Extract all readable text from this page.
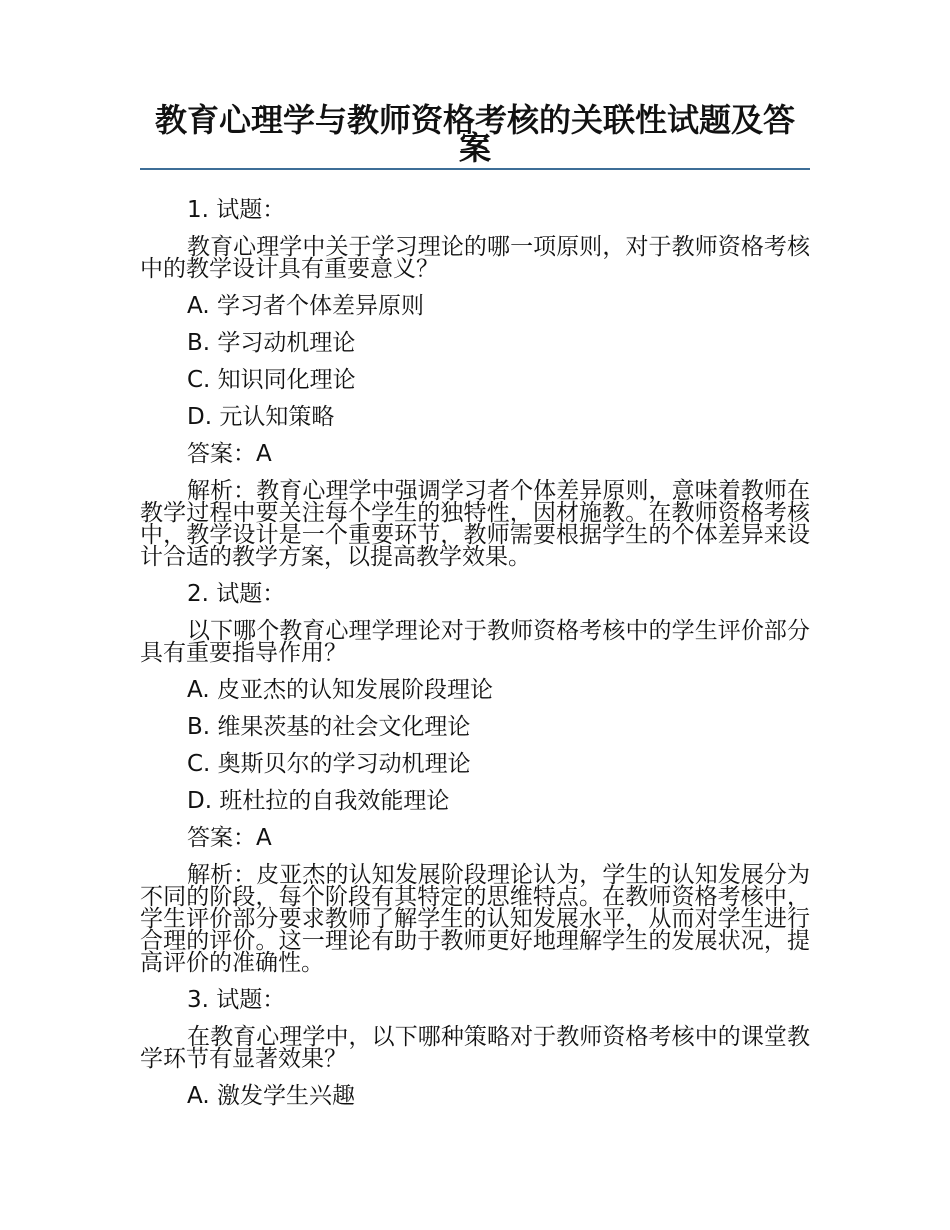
教育心理学与教师资格考核的关联性试题及答案

1. 试题：

教育心理学中关于学习理论的哪一项原则，对于教师资格考核中的教学设计具有重要意义？

A. 学习者个体差异原则

B. 学习动机理论

C. 知识同化理论

D. 元认知策略

答案：A

解析：教育心理学中强调学习者个体差异原则，意味着教师在教学过程中要关注每个学生的独特性，因材施教。在教师资格考核中，教学设计是一个重要环节，教师需要根据学生的个体差异来设计合适的教学方案，以提高教学效果。

2. 试题：

以下哪个教育心理学理论对于教师资格考核中的学生评价部分具有重要指导作用？

A. 皮亚杰的认知发展阶段理论

B. 维果茨基的社会文化理论

C. 奥斯贝尔的学习动机理论

D. 班杜拉的自我效能理论

答案：A

解析：皮亚杰的认知发展阶段理论认为，学生的认知发展分为不同的阶段，每个阶段有其特定的思维特点。在教师资格考核中，学生评价部分要求教师了解学生的认知发展水平，从而对学生进行合理的评价。这一理论有助于教师更好地理解学生的发展状况，提高评价的准确性。

3. 试题：

在教育心理学中，以下哪种策略对于教师资格考核中的课堂教学环节有显著效果？

A. 激发学生兴趣
